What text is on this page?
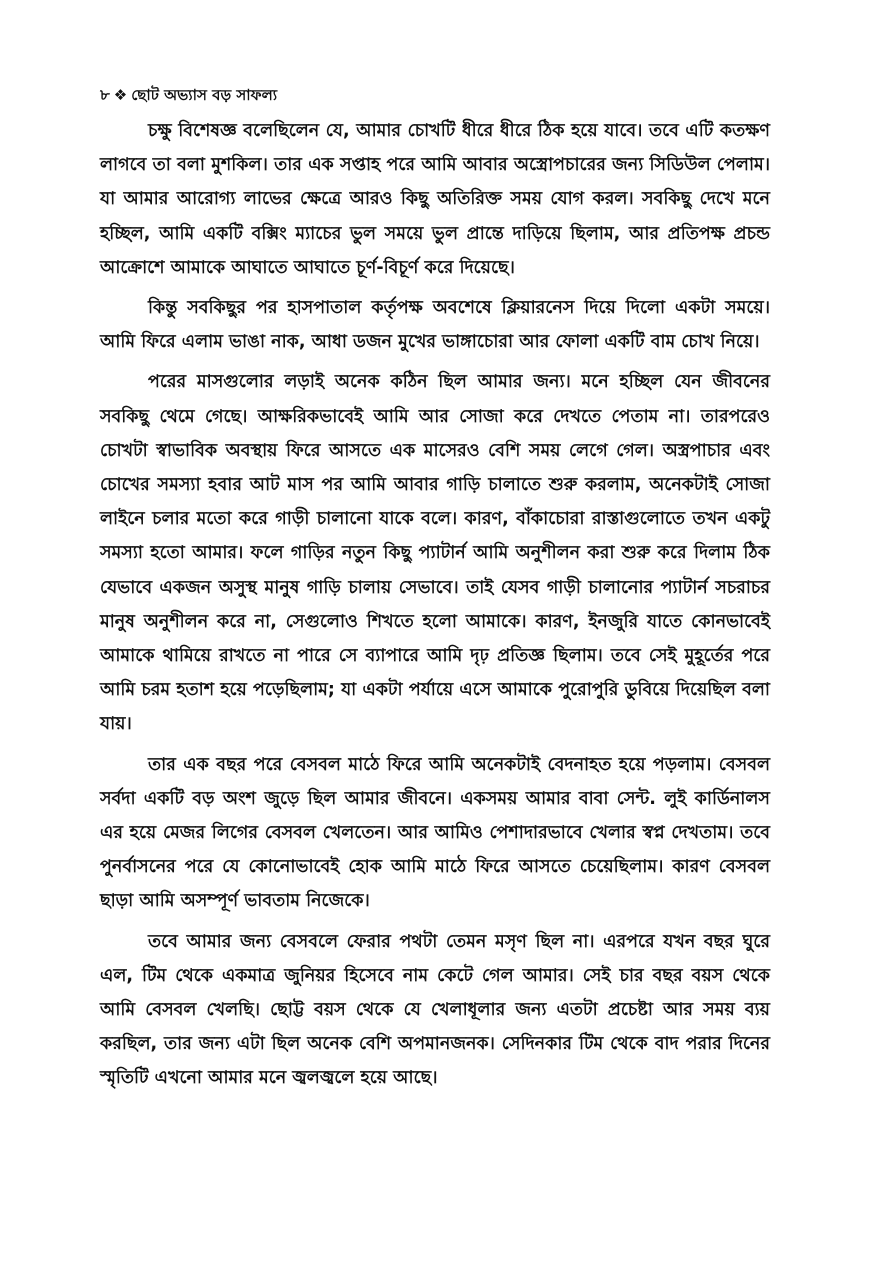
৮ ❖ ছোট অভ্যাস বড় সাফল্য

চক্ষু বিশেষজ্ঞ বলেছিলেন যে, আমার চোখটি ধীরে ধীরে ঠিক হয়ে যাবে। তবে এটি কতক্ষণ লাগবে তা বলা মুশকিল। তার এক সপ্তাহ পরে আমি আবার অস্ত্রোপচারের জন্য সিডিউল পেলাম। যা আমার আরোগ্য লাভের ক্ষেত্রে আরও কিছু অতিরিক্ত সময় যোগ করল। সবকিছু দেখে মনে হচ্ছিল, আমি একটি বক্সিং ম্যাচের ভুল সময়ে ভুল প্রান্তে দাড়িয়ে ছিলাম, আর প্রতিপক্ষ প্রচন্ড আক্রোশে আমাকে আঘাতে আঘাতে চূর্ণ-বিচূর্ণ করে দিয়েছে।

কিন্তু সবকিছুর পর হাসপাতাল কর্তৃপক্ষ অবশেষে ক্লিয়ারনেস দিয়ে দিলো একটা সময়ে। আমি ফিরে এলাম ভাঙা নাক, আধা ডজন মুখের ভাঙ্গাচোরা আর ফোলা একটি বাম চোখ নিয়ে।

পরের মাসগুলোর লড়াই অনেক কঠিন ছিল আমার জন্য। মনে হচ্ছিল যেন জীবনের সবকিছু থেমে গেছে। আক্ষরিকভাবেই আমি আর সোজা করে দেখতে পেতাম না। তারপরেও চোখটা স্বাভাবিক অবস্থায় ফিরে আসতে এক মাসেরও বেশি সময় লেগে গেল। অস্ত্রপাচার এবং চোখের সমস্যা হবার আট মাস পর আমি আবার গাড়ি চালাতে শুরু করলাম, অনেকটাই সোজা লাইনে চলার মতো করে গাড়ী চালানো যাকে বলে। কারণ, বাঁকাচোরা রাস্তাগুলোতে তখন একটু সমস্যা হতো আমার। ফলে গাড়ির নতুন কিছু প্যাটার্ন আমি অনুশীলন করা শুরু করে দিলাম ঠিক যেভাবে একজন অসুস্থ মানুষ গাড়ি চালায় সেভাবে। তাই যেসব গাড়ী চালানোর প্যাটার্ন সচরাচর মানুষ অনুশীলন করে না, সেগুলোও শিখতে হলো আমাকে। কারণ, ইনজুরি যাতে কোনভাবেই আমাকে থামিয়ে রাখতে না পারে সে ব্যাপারে আমি দৃঢ় প্রতিজ্ঞ ছিলাম। তবে সেই মুহূর্তের পরে আমি চরম হতাশ হয়ে পড়েছিলাম; যা একটা পর্যায়ে এসে আমাকে পুরোপুরি ডুবিয়ে দিয়েছিল বলা যায়।

তার এক বছর পরে বেসবল মাঠে ফিরে আমি অনেকটাই বেদনাহত হয়ে পড়লাম। বেসবল সর্বদা একটি বড় অংশ জুড়ে ছিল আমার জীবনে। একসময় আমার বাবা সেন্ট. লুই কার্ডিনালস এর হয়ে মেজর লিগের বেসবল খেলতেন। আর আমিও পেশাদারভাবে খেলার স্বপ্ন দেখতাম। তবে পুনর্বাসনের পরে যে কোনোভাবেই হোক আমি মাঠে ফিরে আসতে চেয়েছিলাম। কারণ বেসবল ছাড়া আমি অসম্পূর্ণ ভাবতাম নিজেকে।

তবে আমার জন্য বেসবলে ফেরার পথটা তেমন মসৃণ ছিল না। এরপরে যখন বছর ঘুরে এল, টিম থেকে একমাত্র জুনিয়র হিসেবে নাম কেটে গেল আমার। সেই চার বছর বয়স থেকে আমি বেসবল খেলছি। ছোট্ট বয়স থেকে যে খেলাধূলার জন্য এতটা প্রচেষ্টা আর সময় ব্যয় করছিল, তার জন্য এটা ছিল অনেক বেশি অপমানজনক। সেদিনকার টিম থেকে বাদ পরার দিনের স্মৃতিটি এখনো আমার মনে জ্বলজ্বলে হয়ে আছে।
